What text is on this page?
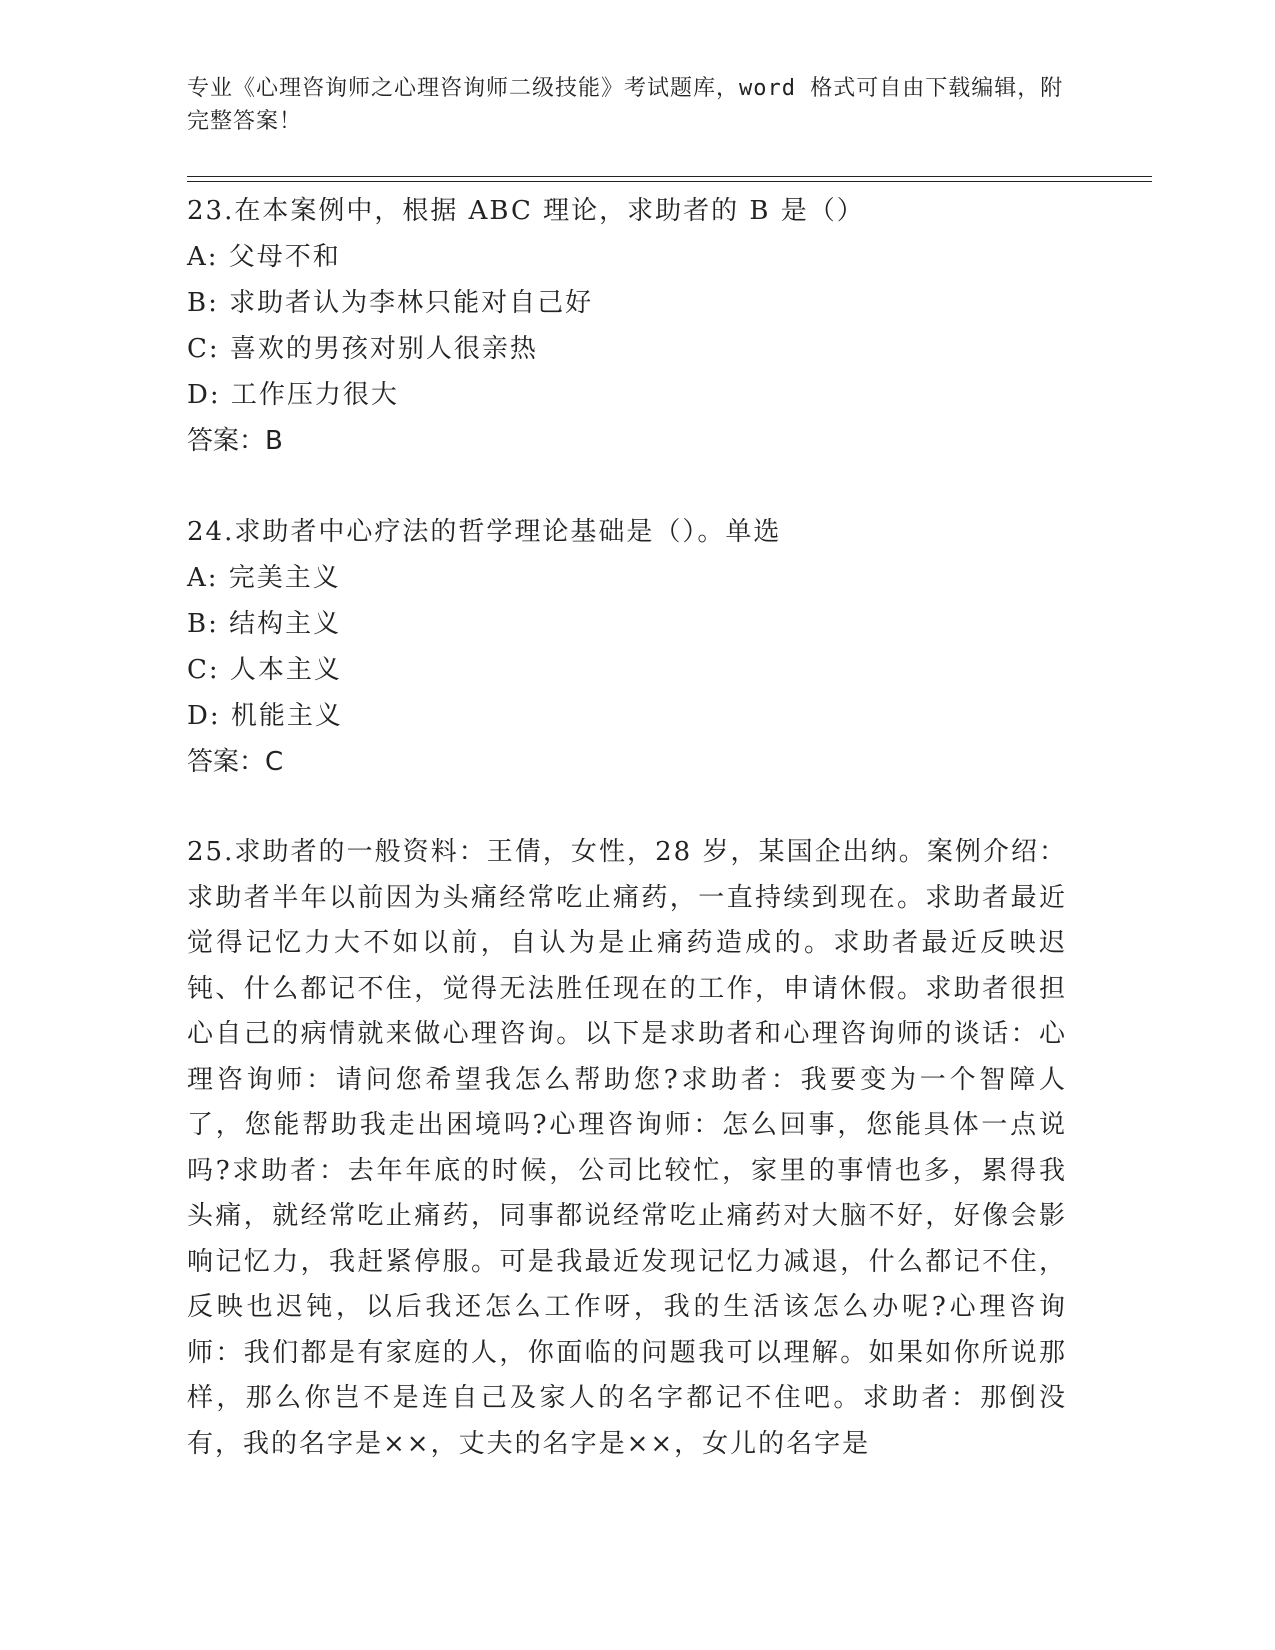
专业《心理咨询师之心理咨询师二级技能》考试题库，word 格式可自由下载编辑，附完整答案！
23.在本案例中，根据 ABC 理论，求助者的 B 是（）
A: 父母不和
B: 求助者认为李林只能对自己好
C: 喜欢的男孩对别人很亲热
D: 工作压力很大
答案：B
24.求助者中心疗法的哲学理论基础是（）。单选
A: 完美主义
B: 结构主义
C: 人本主义
D: 机能主义
答案：C
25.求助者的一般资料：王倩，女性，28 岁，某国企出纳。案例介绍：求助者半年以前因为头痛经常吃止痛药，一直持续到现在。求助者最近觉得记忆力大不如以前，自认为是止痛药造成的。求助者最近反映迟钝、什么都记不住，觉得无法胜任现在的工作，申请休假。求助者很担心自己的病情就来做心理咨询。以下是求助者和心理咨询师的谈话：心理咨询师：请问您希望我怎么帮助您?求助者：我要变为一个智障人了，您能帮助我走出困境吗?心理咨询师：怎么回事，您能具体一点说吗?求助者：去年年底的时候，公司比较忙，家里的事情也多，累得我头痛，就经常吃止痛药，同事都说经常吃止痛药对大脑不好，好像会影响记忆力，我赶紧停服。可是我最近发现记忆力减退，什么都记不住，反映也迟钝，以后我还怎么工作呀，我的生活该怎么办呢?心理咨询师：我们都是有家庭的人，你面临的问题我可以理解。如果如你所说那样，那么你岂不是连自己及家人的名字都记不住吧。求助者：那倒没有，我的名字是××，丈夫的名字是××，女儿的名字是
